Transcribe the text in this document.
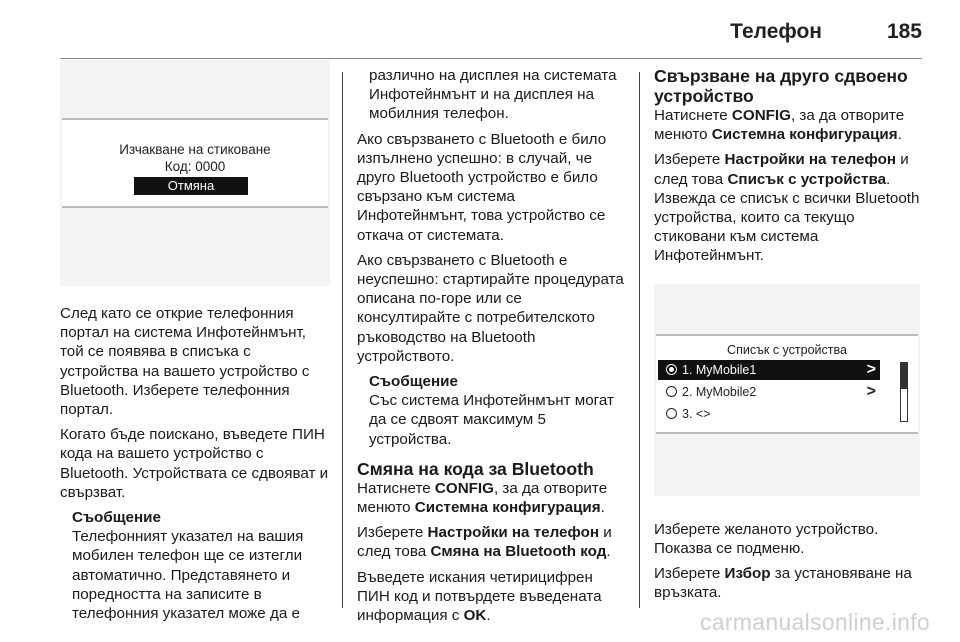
Телефон	185
Изчакване на стиковане
Код: 0000
Отмяна

След като се открие телефонния портал на система Инфотейнмънт, той се появява в списъка с устройства на вашето устройство с Bluetooth. Изберете телефонния портал.

Когато бъде поискано, въведете ПИН кода на вашето устройство с Bluetooth. Устройствата се сдвояват и свързват.

Съобщение
Телефонният указател на вашия мобилен телефон ще се изтегли автоматично. Представянето и поредността на записите в телефонния указател може да е

различно на дисплея на системата Инфотейнмънт и на дисплея на мобилния телефон.

Ако свързването с Bluetooth е било изпълнено успешно: в случай, че друго Bluetooth устройство е било свързано към система Инфотейнмънт, това устройство се откача от системата.

Ако свързването с Bluetooth е неуспешно: стартирайте процедурата описана по-горе или се консултирайте с потребителското ръководство на Bluetooth устройството.

Съобщение
Със система Инфотейнмънт могат да се сдвоят максимум 5 устройства.
Смяна на кода за Bluetooth

Натиснете CONFIG, за да отворите менюто Системна конфигурация.

Изберете Настройки на телефон и след това Смяна на Bluetooth код.

Въведете искания четирицифрен ПИН код и потвърдете въведената информация с OK.

Свързване на друго сдвоено устройство

Натиснете CONFIG, за да отворите менюто Системна конфигурация.

Изберете Настройки на телефон и след това Списък с устройства. Извежда се списък с всички Bluetooth устройства, които са текущо стиковани към система Инфотейнмънт.

Списък с устройства
1. MyMobile1	>
2. MyMobile2	>
3. <>

Изберете желаното устройство. Показва се подменю.

Изберете Избор за установяване на връзката.

carmanualsonline.info
